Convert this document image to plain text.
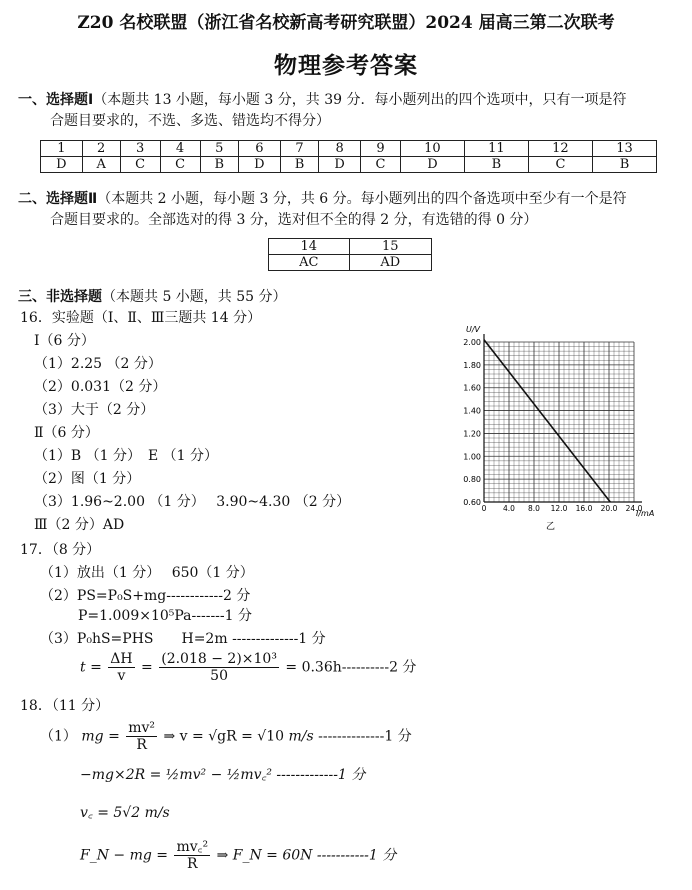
Z20 名校联盟（浙江省名校新高考研究联盟）2024 届高三第二次联考
物理参考答案
一、选择题Ⅰ（本题共 13 小题，每小题 3 分，共 39 分．每小题列出的四个选项中，只有一项是符
合题目要求的，不选、多选、错选均不得分）
1	2	3	4	5	6	7	8	9	10	11	12	13
D	A	C	C	B	D	B	D	C	D	B	C	B
二、选择题Ⅱ（本题共 2 小题，每小题 3 分，共 6 分。每小题列出的四个备选项中至少有一个是符
合题目要求的。全部选对的得 3 分，选对但不全的得 2 分，有选错的得 0 分）
14	15
AC	AD
三、非选择题（本题共 5 小题，共 55 分）
16．实验题（Ⅰ、Ⅱ、Ⅲ三题共 14 分）
Ⅰ（6 分）
（1）2.25 （2 分）
（2）0.031（2 分）
（3）大于（2 分）
Ⅱ（6 分）
（1）B （1 分）　E （1 分）
（2）图（1 分）
（3）1.96~2.00 （1 分）　 3.90~4.30 （2 分）
Ⅲ（2 分）AD
0.60
0.80
1.00
1.20
1.40
1.60
1.80
2.00
0 4.0 8.0 12.0 16.0 20.0 24.0
U/V
I/mA
乙
17．（8 分）
（1）放出（1 分）　 650（1 分）
（2）PS=P₀S+mg------------2 分
P=1.009×10⁵Pa-------1 分
（3）P₀hS=PHS　　H=2m --------------1 分
$t = \frac{\Delta H}{v} = \frac{\text{(2.018 − 2)×10³}}{50} = 0.36h----------2$ 分
18．（11 分）
（1） mg = $\frac{\text{mv²}}{R}$ ⇒ v = √gR = √10 m/s --------------1 分
−mg×2R = ½mv² − ½mv꜀² -------------1 分
v꜀ = 5√2 m/s
F_N − mg = $\frac{\text{mv꜀²}}{R}$ ⇒ F_N = 60N -----------1 分
